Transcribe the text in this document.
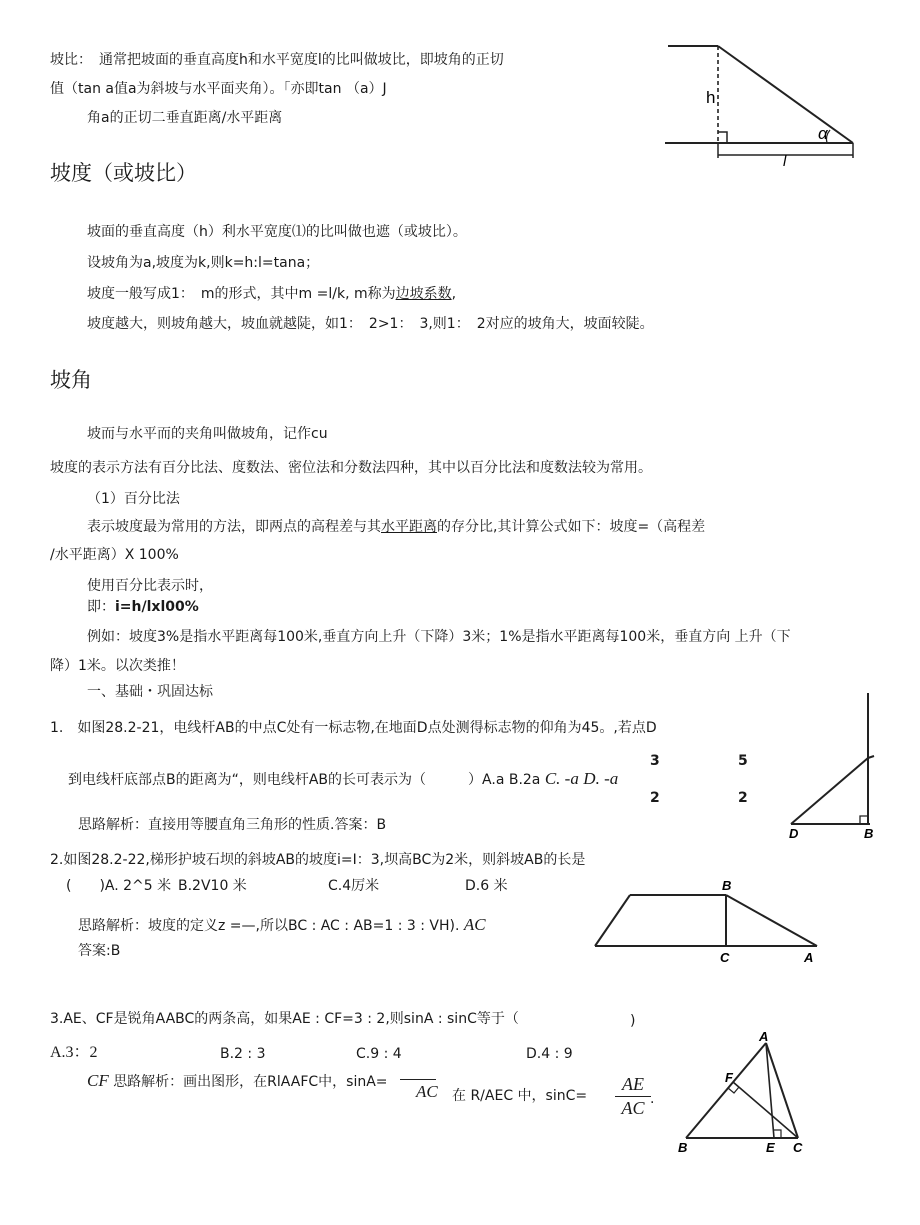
坡比：　通常把坡面的垂直高度h和水平宽度l的比叫做坡比，即坡角的正切
值（tan a值a为斜坡与水平面夹角）。「亦即tan （a）J
角a的正切二垂直距离/水平距离
h
α
l
坡度（或坡比）
坡面的垂直高度（h）利水平宽度⑴的比叫做也遮（或坡比）。
设坡角为a,坡度为k,则k=h:l=tana；
坡度一般写成1：　m的形式，其中m =l/k, m称为边坡系数,
坡度越大，则坡角越大，坡血就越陡，如1：　2>1：　3,则1：　2对应的坡角大，坡面较陡。
坡角
坡而与水平而的夹角叫做坡角，记作cu
坡度的表示方法有百分比法、度数法、密位法和分数法四种，其中以百分比法和度数法较为常用。
（1）百分比法
表示坡度最为常用的方法，即两点的高程差与其水平距离的存分比,其计算公式如下：坡度=（高程差
/水平距离）X 100%
使用百分比表示时，
即：i=h/lxl00%
例如：坡度3%是指水平距离每100米,垂直方向上升（下降）3米；1%是指水平距离每100米，垂直方向 上升（下
降）1米。以次类推！
一、基础・巩固达标
1.　如图28.2-21，电线杆AB的中点C处有一标志物,在地面D点处测得标志物的仰角为45。,若点D
到电线杆底部点B的距离为“，则电线杆AB的长可表示为（　　　）A.a B.2a C. -a D. -a
3
2
5
2
思路解析：直接用等腰直角三角形的性质.答案：B
D	B
2.如图28.2-22,梯形护坡石坝的斜坡AB的坡度i=I：3,坝高BC为2米，则斜坡AB的长是
(　　)A. 2^5 米 B.2V10 米	C.4厉米	D.6 米
思路解析：坡度的定义z =—,所以BC : AC : AB=1 : 3 : VH). AC
答案:B
B
C	A
3.AE、CF是锐角AABC的两条高，如果AE : CF=3 : 2,则sinA : sinC等于（	)
A.3：2	B.2 : 3	C.9 : 4	D.4 : 9
CF 思路解析：画出图形，在RlAAFC中，sinA= AC 在 R/AEC 中，sinC=
AE
AC .
A
F
B	E C
